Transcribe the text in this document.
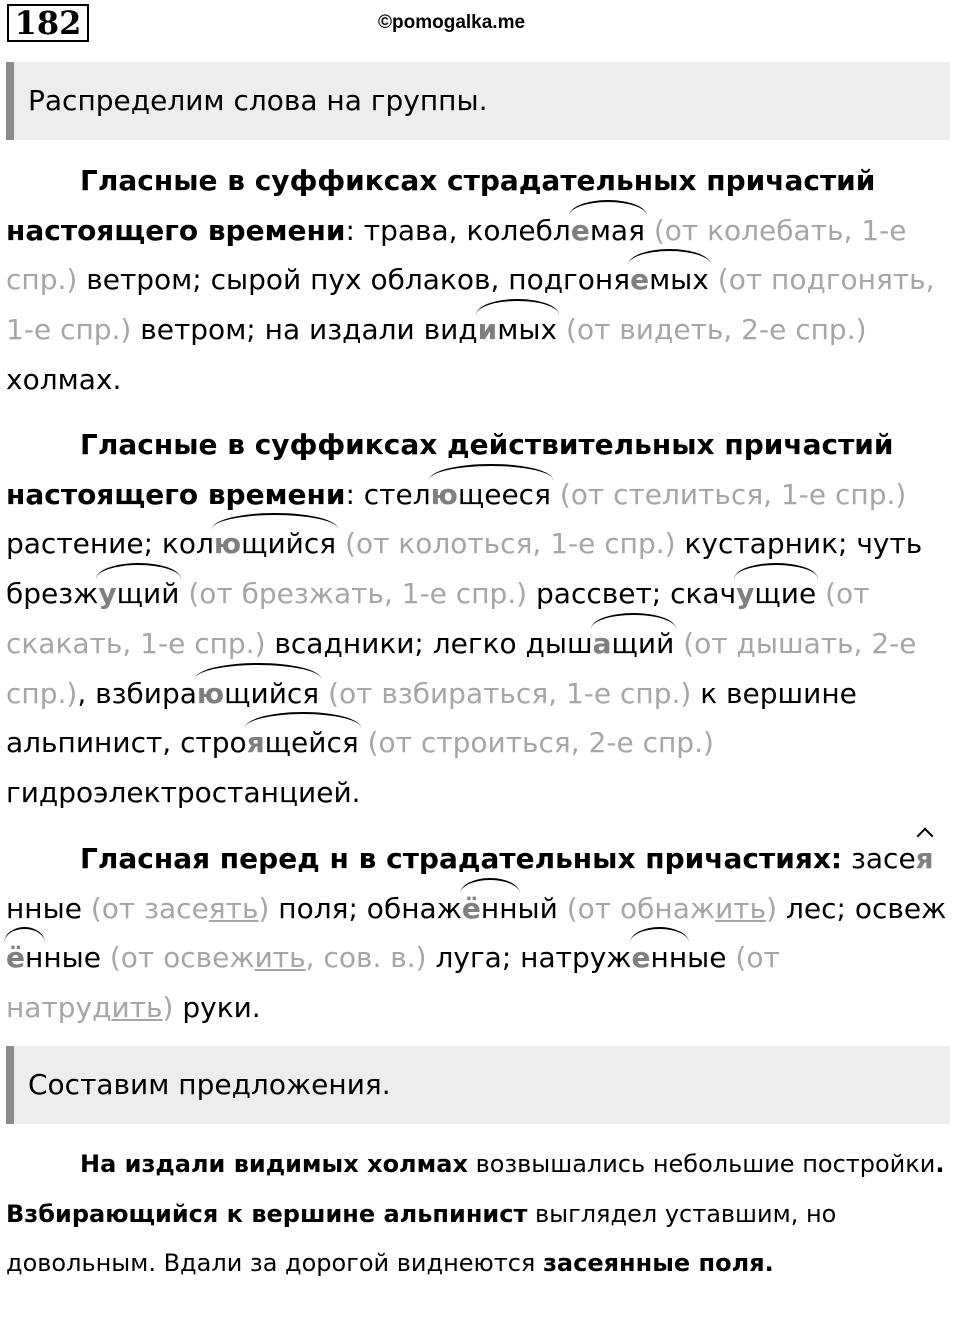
182	©pomogalka.me
Распределим слова на группы.

Гласные в суффиксах страдательных причастий настоящего времени: трава, колеблемая (от колебать, 1-е спр.) ветром; сырой пух облаков, подгоняемых (от подгонять, 1-е спр.) ветром; на издали видимых (от видеть, 2-е спр.) холмах.

Гласные в суффиксах действительных причастий настоящего времени: стелющееся (от стелиться, 1-е спр.) растение; колющийся (от колоться, 1-е спр.) кустарник; чуть брезжущий (от брезжать, 1-е спр.) рассвет; скачущие (от скакать, 1-е спр.) всадники; легко дышащий (от дышать, 2-е спр.), взбирающийся (от взбираться, 1-е спр.) к вершине альпинист, строящейся (от строиться, 2-е спр.) гидроэлектростанцией.

Гласная перед н в страдательных причастиях: засеянные (от засеять) поля; обнажённый (от обнажить) лес; освежённые (от освежить, сов. в.) луга; натруженные (от натрудить) руки.

Составим предложения.

На издали видимых холмах возвышались небольшие постройки. Взбирающийся к вершине альпинист выглядел уставшим, но довольным. Вдали за дорогой виднеются засеянные поля.
